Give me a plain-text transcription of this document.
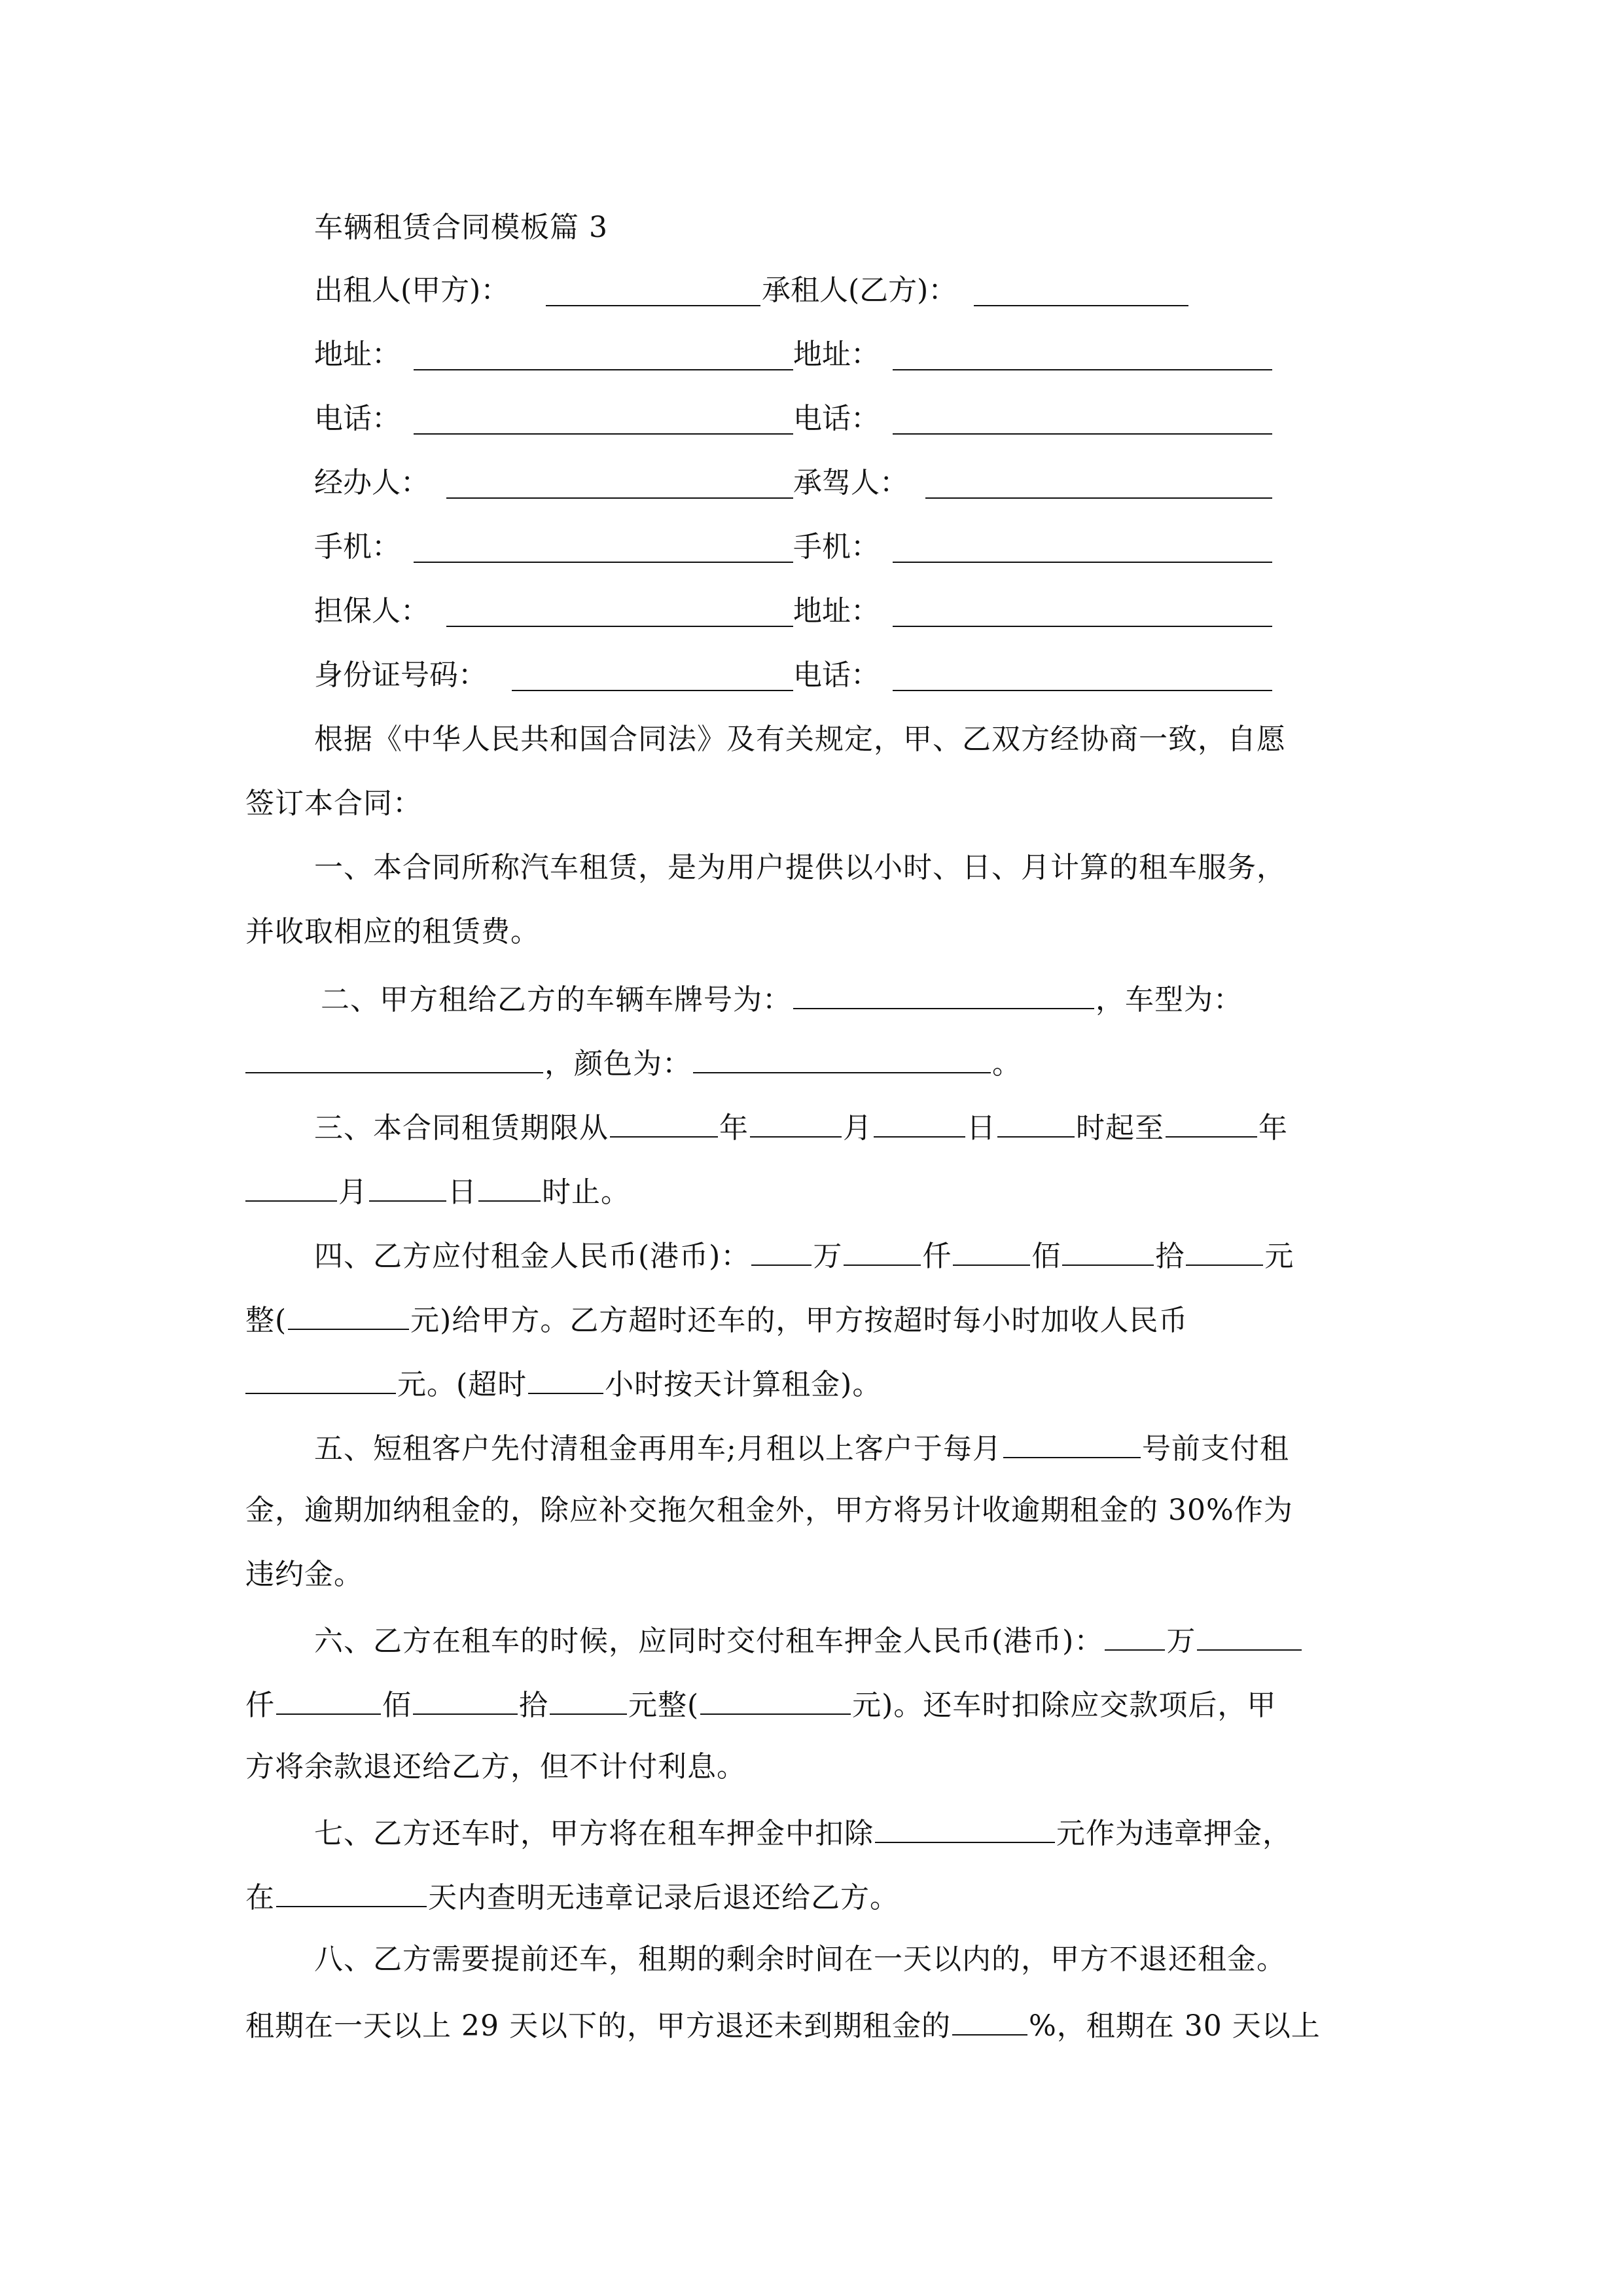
车辆租赁合同模板篇 3
出租人(甲方)：	承租人(乙方)：
地址：	地址：
电话：	电话：
经办人：	承驾人：
手机：	手机：
担保人：	地址：
身份证号码：	电话：
根据《中华人民共和国合同法》及有关规定，甲、乙双方经协商一致，自愿
签订本合同：
一、本合同所称汽车租赁，是为用户提供以小时、日、月计算的租车服务，
并收取相应的租赁费。
二、甲方租给乙方的车辆车牌号为：	，车型为：
，颜色为：	。
三、本合同租赁期限从	年	月	日	时起至	年
月	日 时止。
四、乙方应付租金人民币(港币)： 万	仟	佰	拾	元
整(	元)给甲方。乙方超时还车的，甲方按超时每小时加收人民币
元。(超时	小时按天计算租金)。
五、短租客户先付清租金再用车;月租以上客户于每月	号前支付租
金，逾期加纳租金的，除应补交拖欠租金外，甲方将另计收逾期租金的 30%作为
违约金。
六、乙方在租车的时候，应同时交付租车押金人民币(港币)： 万
仟	佰	拾	元整(	元)。还车时扣除应交款项后，甲
方将余款退还给乙方，但不计付利息。
七、乙方还车时，甲方将在租车押金中扣除	元作为违章押金，
在	天内查明无违章记录后退还给乙方。
八、乙方需要提前还车，租期的剩余时间在一天以内的，甲方不退还租金。
租期在一天以上 29 天以下的，甲方退还未到期租金的	%，租期在 30 天以上
